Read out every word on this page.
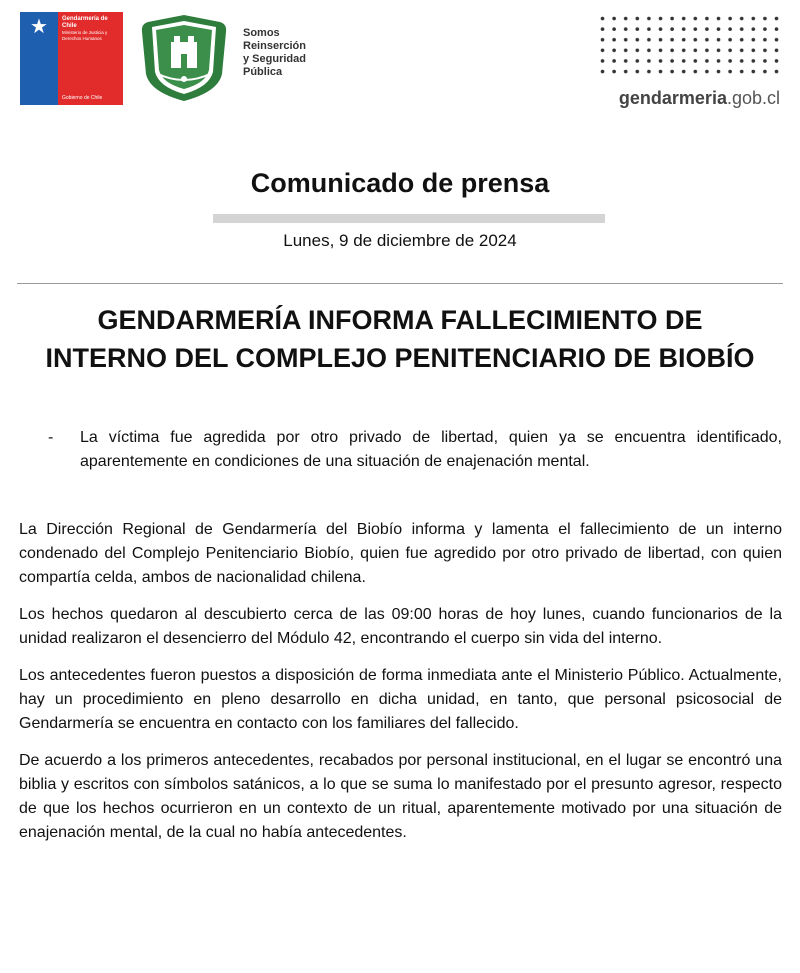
★	Gendarmería de Chile
Ministerio de Justicia y Derechos Humanos
Gobierno de Chile
Somos
Reinserción
y Seguridad
Pública
gendarmeria.gob.cl
Comunicado de prensa
Lunes, 9 de diciembre de 2024
GENDARMERÍA INFORMA FALLECIMIENTO DE
INTERNO DEL COMPLEJO PENITENCIARIO DE BIOBÍO
- La víctima fue agredida por otro privado de libertad, quien ya se encuentra identificado, aparentemente en condiciones de una situación de enajenación mental.

La Dirección Regional de Gendarmería del Biobío informa y lamenta el fallecimiento de un interno condenado del Complejo Penitenciario Biobío, quien fue agredido por otro privado de libertad, con quien compartía celda, ambos de nacionalidad chilena.

Los hechos quedaron al descubierto cerca de las 09:00 horas de hoy lunes, cuando funcionarios de la unidad realizaron el desencierro del Módulo 42, encontrando el cuerpo sin vida del interno.

Los antecedentes fueron puestos a disposición de forma inmediata ante el Ministerio Público. Actualmente, hay un procedimiento en pleno desarrollo en dicha unidad, en tanto, que personal psicosocial de Gendarmería se encuentra en contacto con los familiares del fallecido.

De acuerdo a los primeros antecedentes, recabados por personal institucional, en el lugar se encontró una biblia y escritos con símbolos satánicos, a lo que se suma lo manifestado por el presunto agresor, respecto de que los hechos ocurrieron en un contexto de un ritual, aparentemente motivado por una situación de enajenación mental, de la cual no había antecedentes.
